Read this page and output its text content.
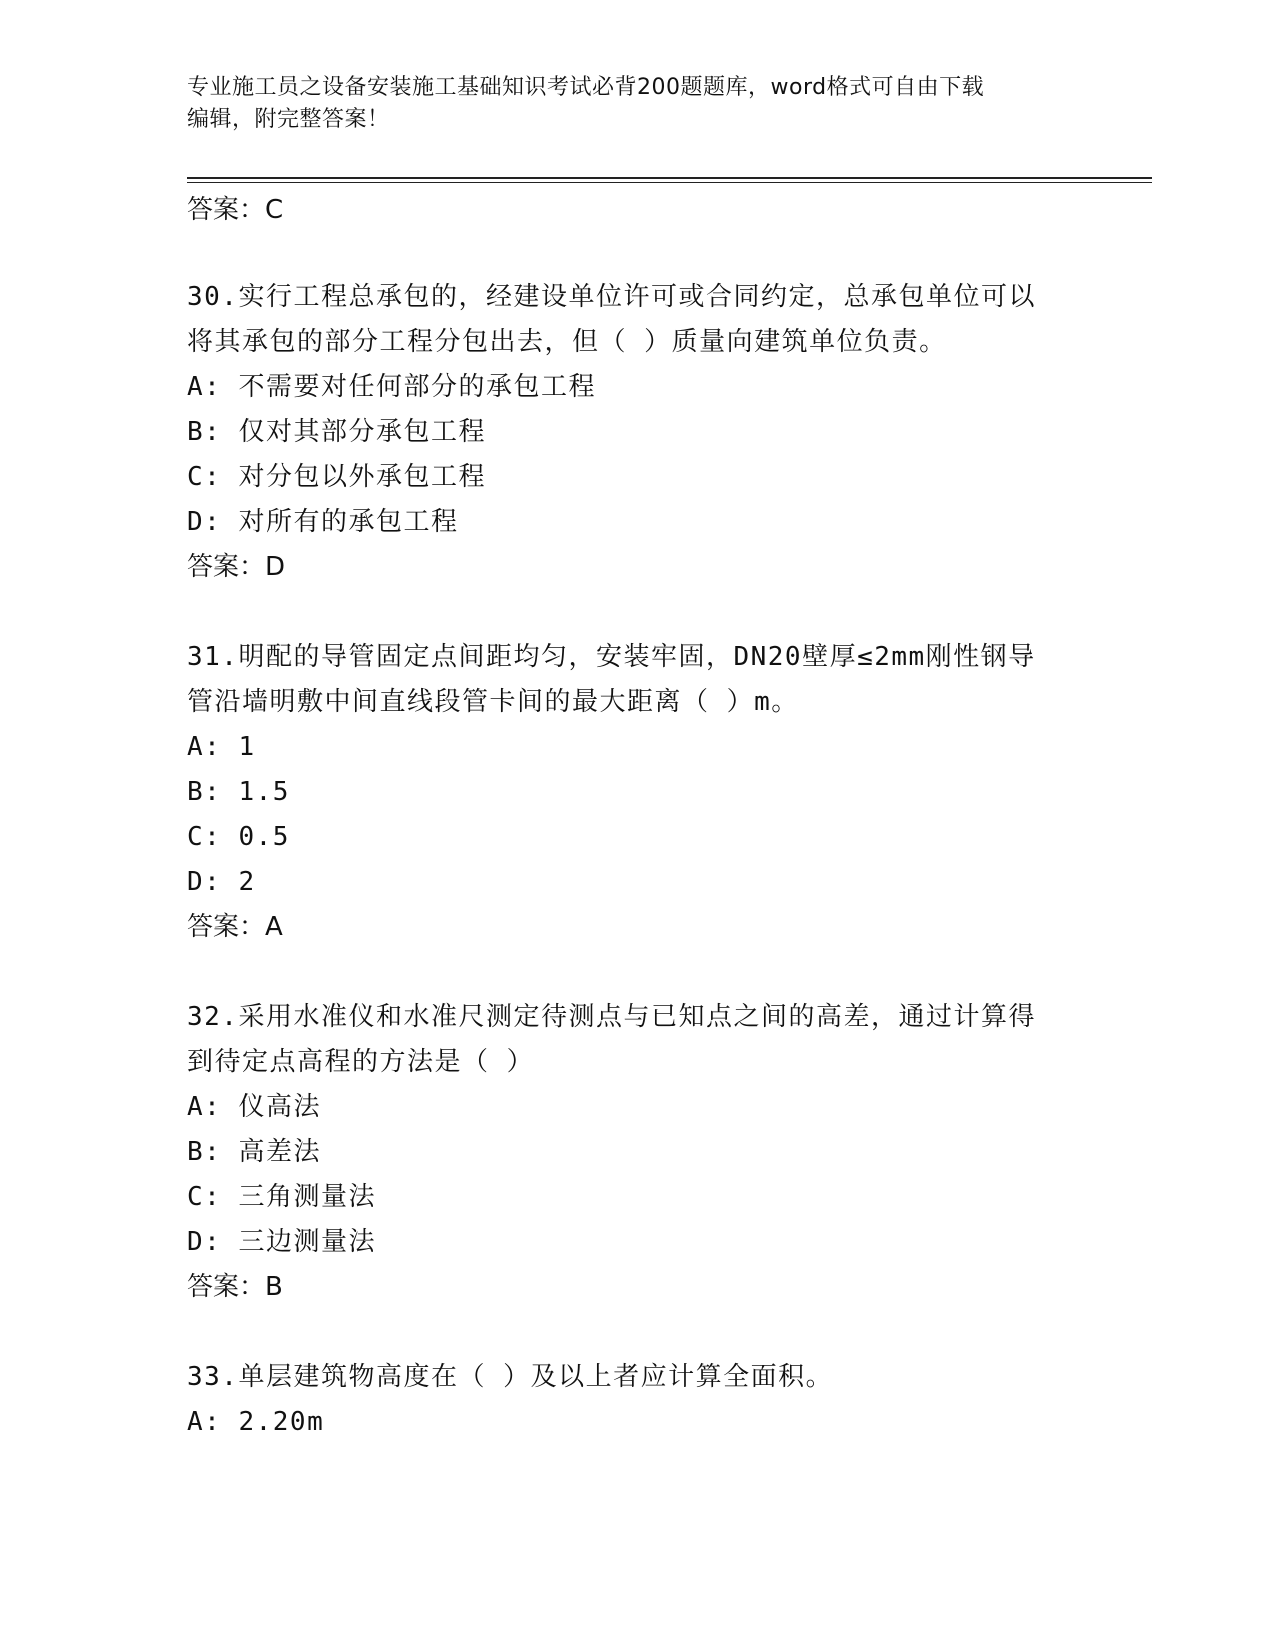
专业施工员之设备安装施工基础知识考试必背200题题库，word格式可自由下载
编辑，附完整答案！
答案：C
30.实行工程总承包的，经建设单位许可或合同约定，总承包单位可以
将其承包的部分工程分包出去，但（ ）质量向建筑单位负责。
A: 不需要对任何部分的承包工程
B: 仅对其部分承包工程
C: 对分包以外承包工程
D: 对所有的承包工程
答案：D
31.明配的导管固定点间距均匀，安装牢固，DN20壁厚≤2mm刚性钢导
管沿墙明敷中间直线段管卡间的最大距离（ ）m。
A: 1
B: 1.5
C: 0.5
D: 2
答案：A
32.采用水准仪和水准尺测定待测点与已知点之间的高差，通过计算得
到待定点高程的方法是（ ）
A: 仪高法
B: 高差法
C: 三角测量法
D: 三边测量法
答案：B
33.单层建筑物高度在（ ）及以上者应计算全面积。
A: 2.20m
